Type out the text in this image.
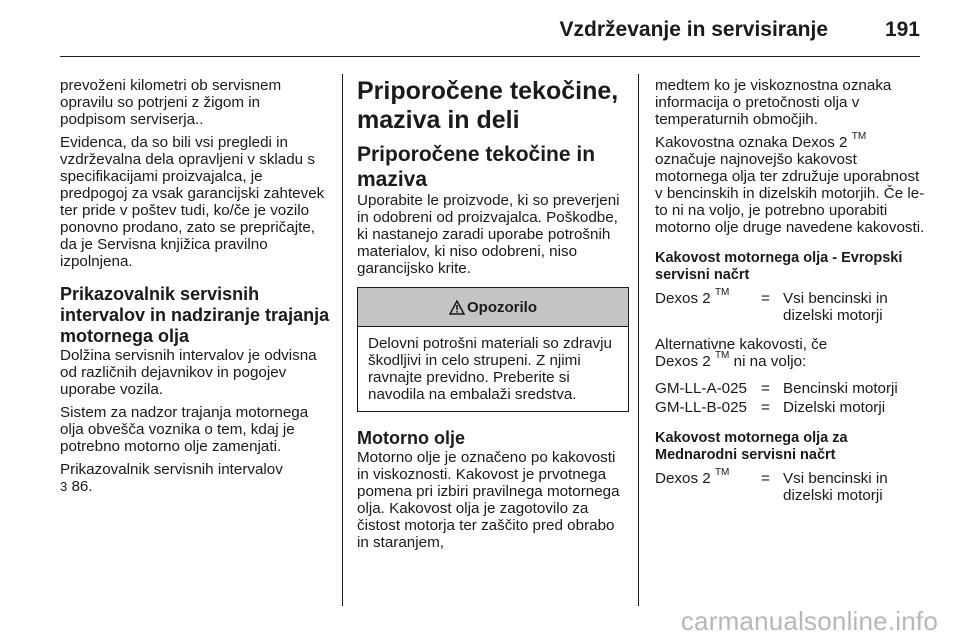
Vzdrževanje in servisiranje	191

prevoženi kilometri ob servisnem opravilu so potrjeni z žigom in podpisom serviserja..

Evidenca, da so bili vsi pregledi in vzdrževalna dela opravljeni v skladu s specifikacijami proizvajalca, je predpogoj za vsak garancijski zahtevek ter pride v poštev tudi, ko/če je vozilo ponovno prodano, zato se prepričajte, da je Servisna knjižica pravilno izpolnjena.

Prikazovalnik servisnih intervalov in nadziranje trajanja motornega olja

Dolžina servisnih intervalov je odvisna od različnih dejavnikov in pogojev uporabe vozila.

Sistem za nadzor trajanja motornega olja obvešča voznika o tem, kdaj je potrebno motorno olje zamenjati.

Prikazovalnik servisnih intervalov
3 86.

Priporočene tekočine, maziva in deli
Priporočene tekočine in maziva

Uporabite le proizvode, ki so preverjeni in odobreni od proizvajalca. Poškodbe, ki nastanejo zaradi uporabe potrošnih materialov, ki niso odobreni, niso garancijsko krite.

Opozorilo

Delovni potrošni materiali so zdravju škodljivi in celo strupeni. Z njimi ravnajte previdno. Preberite si navodila na embalaži sredstva.

Motorno olje

Motorno olje je označeno po kakovosti in viskoznosti. Kakovost je prvotnega pomena pri izbiri pravilnega motornega olja. Kakovost olja je zagotovilo za čistost motorja ter zaščito pred obrabo in staranjem,

medtem ko je viskoznostna oznaka informacija o pretočnosti olja v temperaturnih območjih.

Kakovostna oznaka Dexos 2 ™ označuje najnovejšo kakovost motornega olja ter združuje uporabnost v bencinskih in dizelskih motorjih. Če le-to ni na voljo, je potrebno uporabiti motorno olje druge navedene kakovosti.

Kakovost motornega olja - Evropski servisni načrt
Dexos 2 ™	= Vsi bencinski in dizelski motorji

Alternativne kakovosti, če
Dexos 2 ™ ni na voljo:

GM-LL-A-025 = Bencinski motorji
GM-LL-B-025 = Dizelski motorji
Kakovost motornega olja za Mednarodni servisni načrt
Dexos 2 ™	= Vsi bencinski in dizelski motorji
carmanualsonline.info
